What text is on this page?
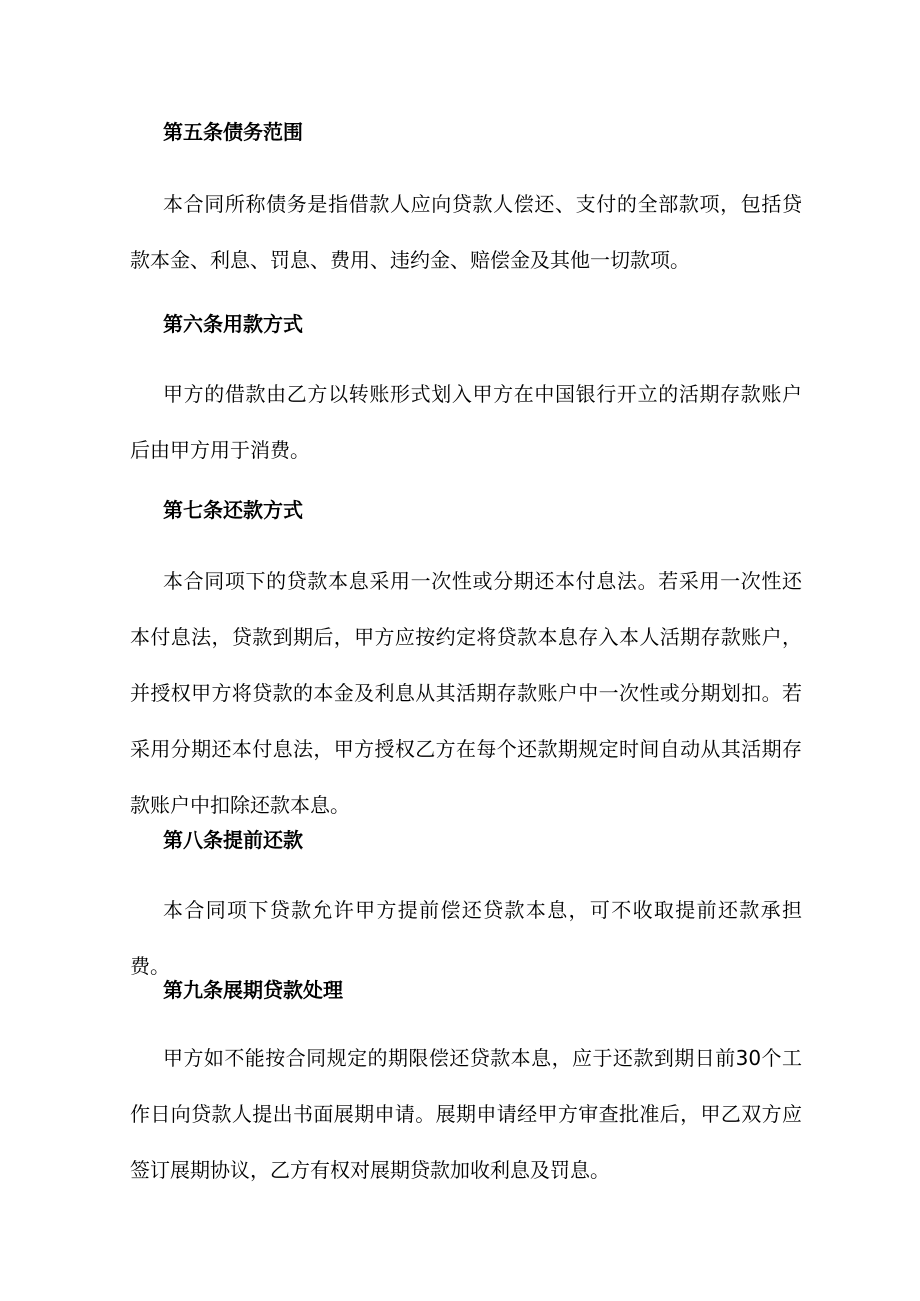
第五条债务范围
本合同所称债务是指借款人应向贷款人偿还、支付的全部款项，包括贷款本金、利息、罚息、费用、违约金、赔偿金及其他一切款项。
第六条用款方式
甲方的借款由乙方以转账形式划入甲方在中国银行开立的活期存款账户后由甲方用于消费。
第七条还款方式
本合同项下的贷款本息采用一次性或分期还本付息法。若采用一次性还本付息法，贷款到期后，甲方应按约定将贷款本息存入本人活期存款账户，并授权甲方将贷款的本金及利息从其活期存款账户中一次性或分期划扣。若采用分期还本付息法，甲方授权乙方在每个还款期规定时间自动从其活期存款账户中扣除还款本息。
第八条提前还款
本合同项下贷款允许甲方提前偿还贷款本息，可不收取提前还款承担费。
第九条展期贷款处理
甲方如不能按合同规定的期限偿还贷款本息，应于还款到期日前30个工作日向贷款人提出书面展期申请。展期申请经甲方审查批准后，甲乙双方应签订展期协议，乙方有权对展期贷款加收利息及罚息。
